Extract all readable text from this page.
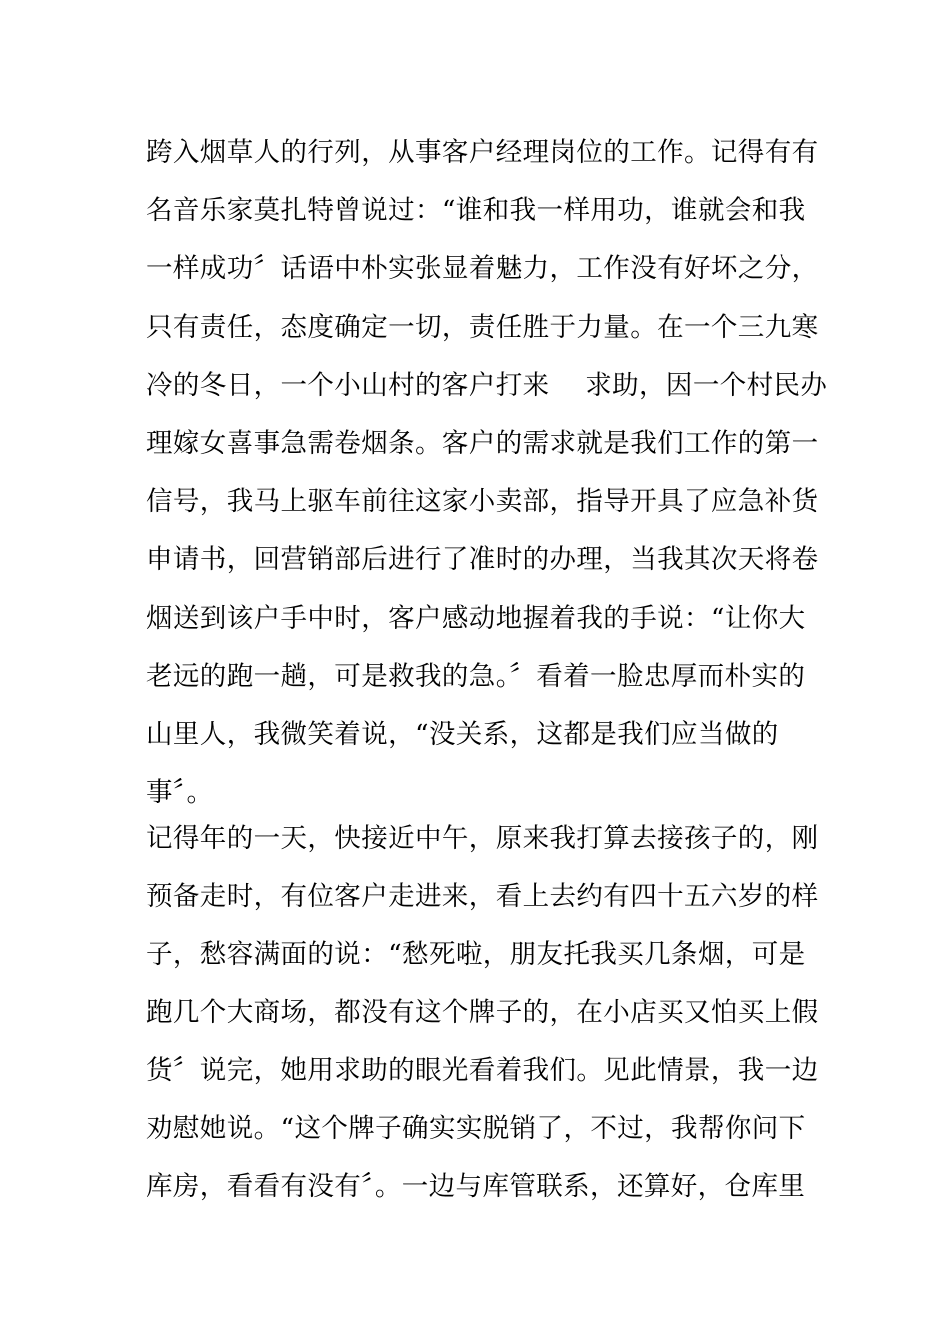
跨入烟草人的行列，从事客户经理岗位的工作。记得有有
名音乐家莫扎特曾说过：“谁和我一样用功，谁就会和我
一样成功〞话语中朴实张显着魅力，工作没有好坏之分，
只有责任，态度确定一切，责任胜于力量。在一个三九寒
冷的冬日，一个小山村的客户打来　 求助，因一个村民办
理嫁女喜事急需卷烟条。客户的需求就是我们工作的第一
信号，我马上驱车前往这家小卖部，指导开具了应急补货
申请书，回营销部后进行了准时的办理，当我其次天将卷
烟送到该户手中时，客户感动地握着我的手说：“让你大
老远的跑一趟，可是救我的急。〞看着一脸忠厚而朴实的
山里人，我微笑着说，“没关系，这都是我们应当做的
事〞。
记得年的一天，快接近中午，原来我打算去接孩子的，刚
预备走时，有位客户走进来，看上去约有四十五六岁的样
子，愁容满面的说：“愁死啦，朋友托我买几条烟，可是
跑几个大商场，都没有这个牌子的，在小店买又怕买上假
货〞说完，她用求助的眼光看着我们。见此情景，我一边
劝慰她说。“这个牌子确实实脱销了，不过，我帮你问下
库房，看看有没有〞。一边与库管联系，还算好，仓库里
